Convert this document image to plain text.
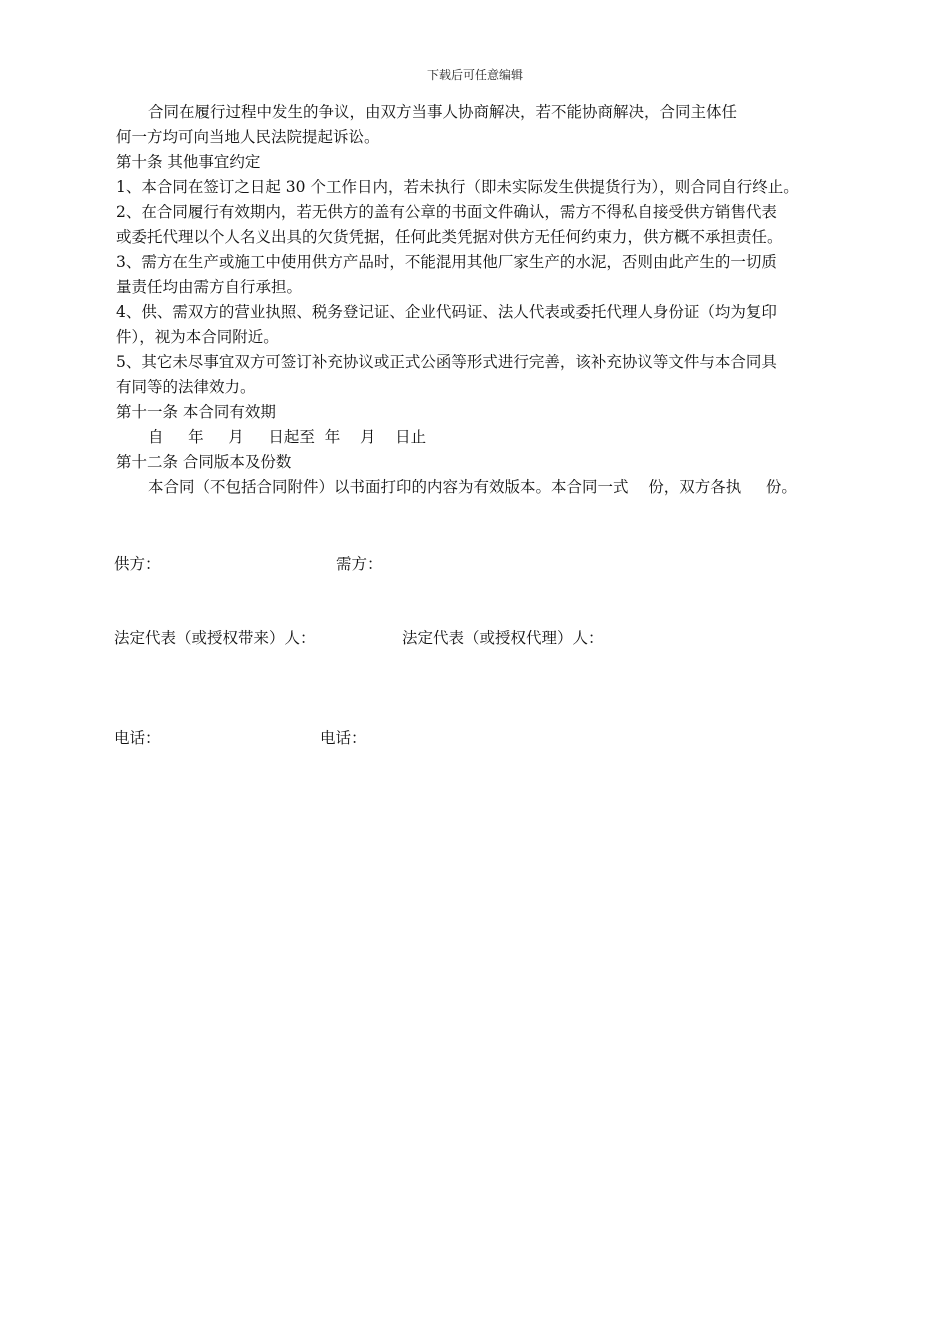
下载后可任意编辑
合同在履行过程中发生的争议，由双方当事人协商解决，若不能协商解决，合同主体任
何一方均可向当地人民法院提起诉讼。
第十条 其他事宜约定
1、本合同在签订之日起 30 个工作日内，若未执行（即未实际发生供提货行为），则合同自行终止。
2、在合同履行有效期内，若无供方的盖有公章的书面文件确认，需方不得私自接受供方销售代表
或委托代理以个人名义出具的欠货凭据，任何此类凭据对供方无任何约束力，供方概不承担责任。
3、需方在生产或施工中使用供方产品时，不能混用其他厂家生产的水泥，否则由此产生的一切质
量责任均由需方自行承担。
4、供、需双方的营业执照、税务登记证、企业代码证、法人代表或委托代理人身份证（均为复印
件），视为本合同附近。
5、其它未尽事宜双方可签订补充协议或正式公函等形式进行完善，该补充协议等文件与本合同具
有同等的法律效力。
第十一条 本合同有效期
自     年     月     日起至  年    月    日止
第十二条 合同版本及份数
本合同（不包括合同附件）以书面打印的内容为有效版本。本合同一式    份，双方各执     份。
供方：	需方：
法定代表（或授权带来）人：	法定代表（或授权代理）人：
电话：	电话：
